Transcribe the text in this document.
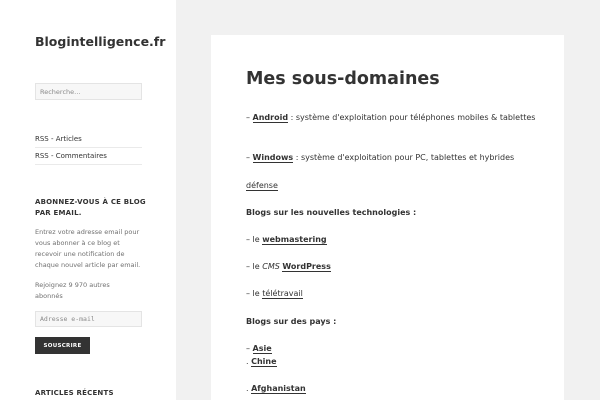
Blogintelligence.fr
Recherche…
RSS - Articles
RSS - Commentaires
ABONNEZ-VOUS À CE BLOG PAR EMAIL.
Entrez votre adresse email pour vous abonner à ce blog et recevoir une notification de chaque nouvel article par email.
Rejoignez 9 970 autres abonnés
Adresse e-mail
SOUSCRIRE
ARTICLES RÉCENTS
Mes sous-domaines
– Android : système d'exploitation pour téléphones mobiles & tablettes
– Windows : système d'exploitation pour PC, tablettes et hybrides
défense
Blogs sur les nouvelles technologies :
– le webmastering
– le CMS WordPress
– le télétravail
Blogs sur des pays :
– Asie
. Chine
. Afghanistan
